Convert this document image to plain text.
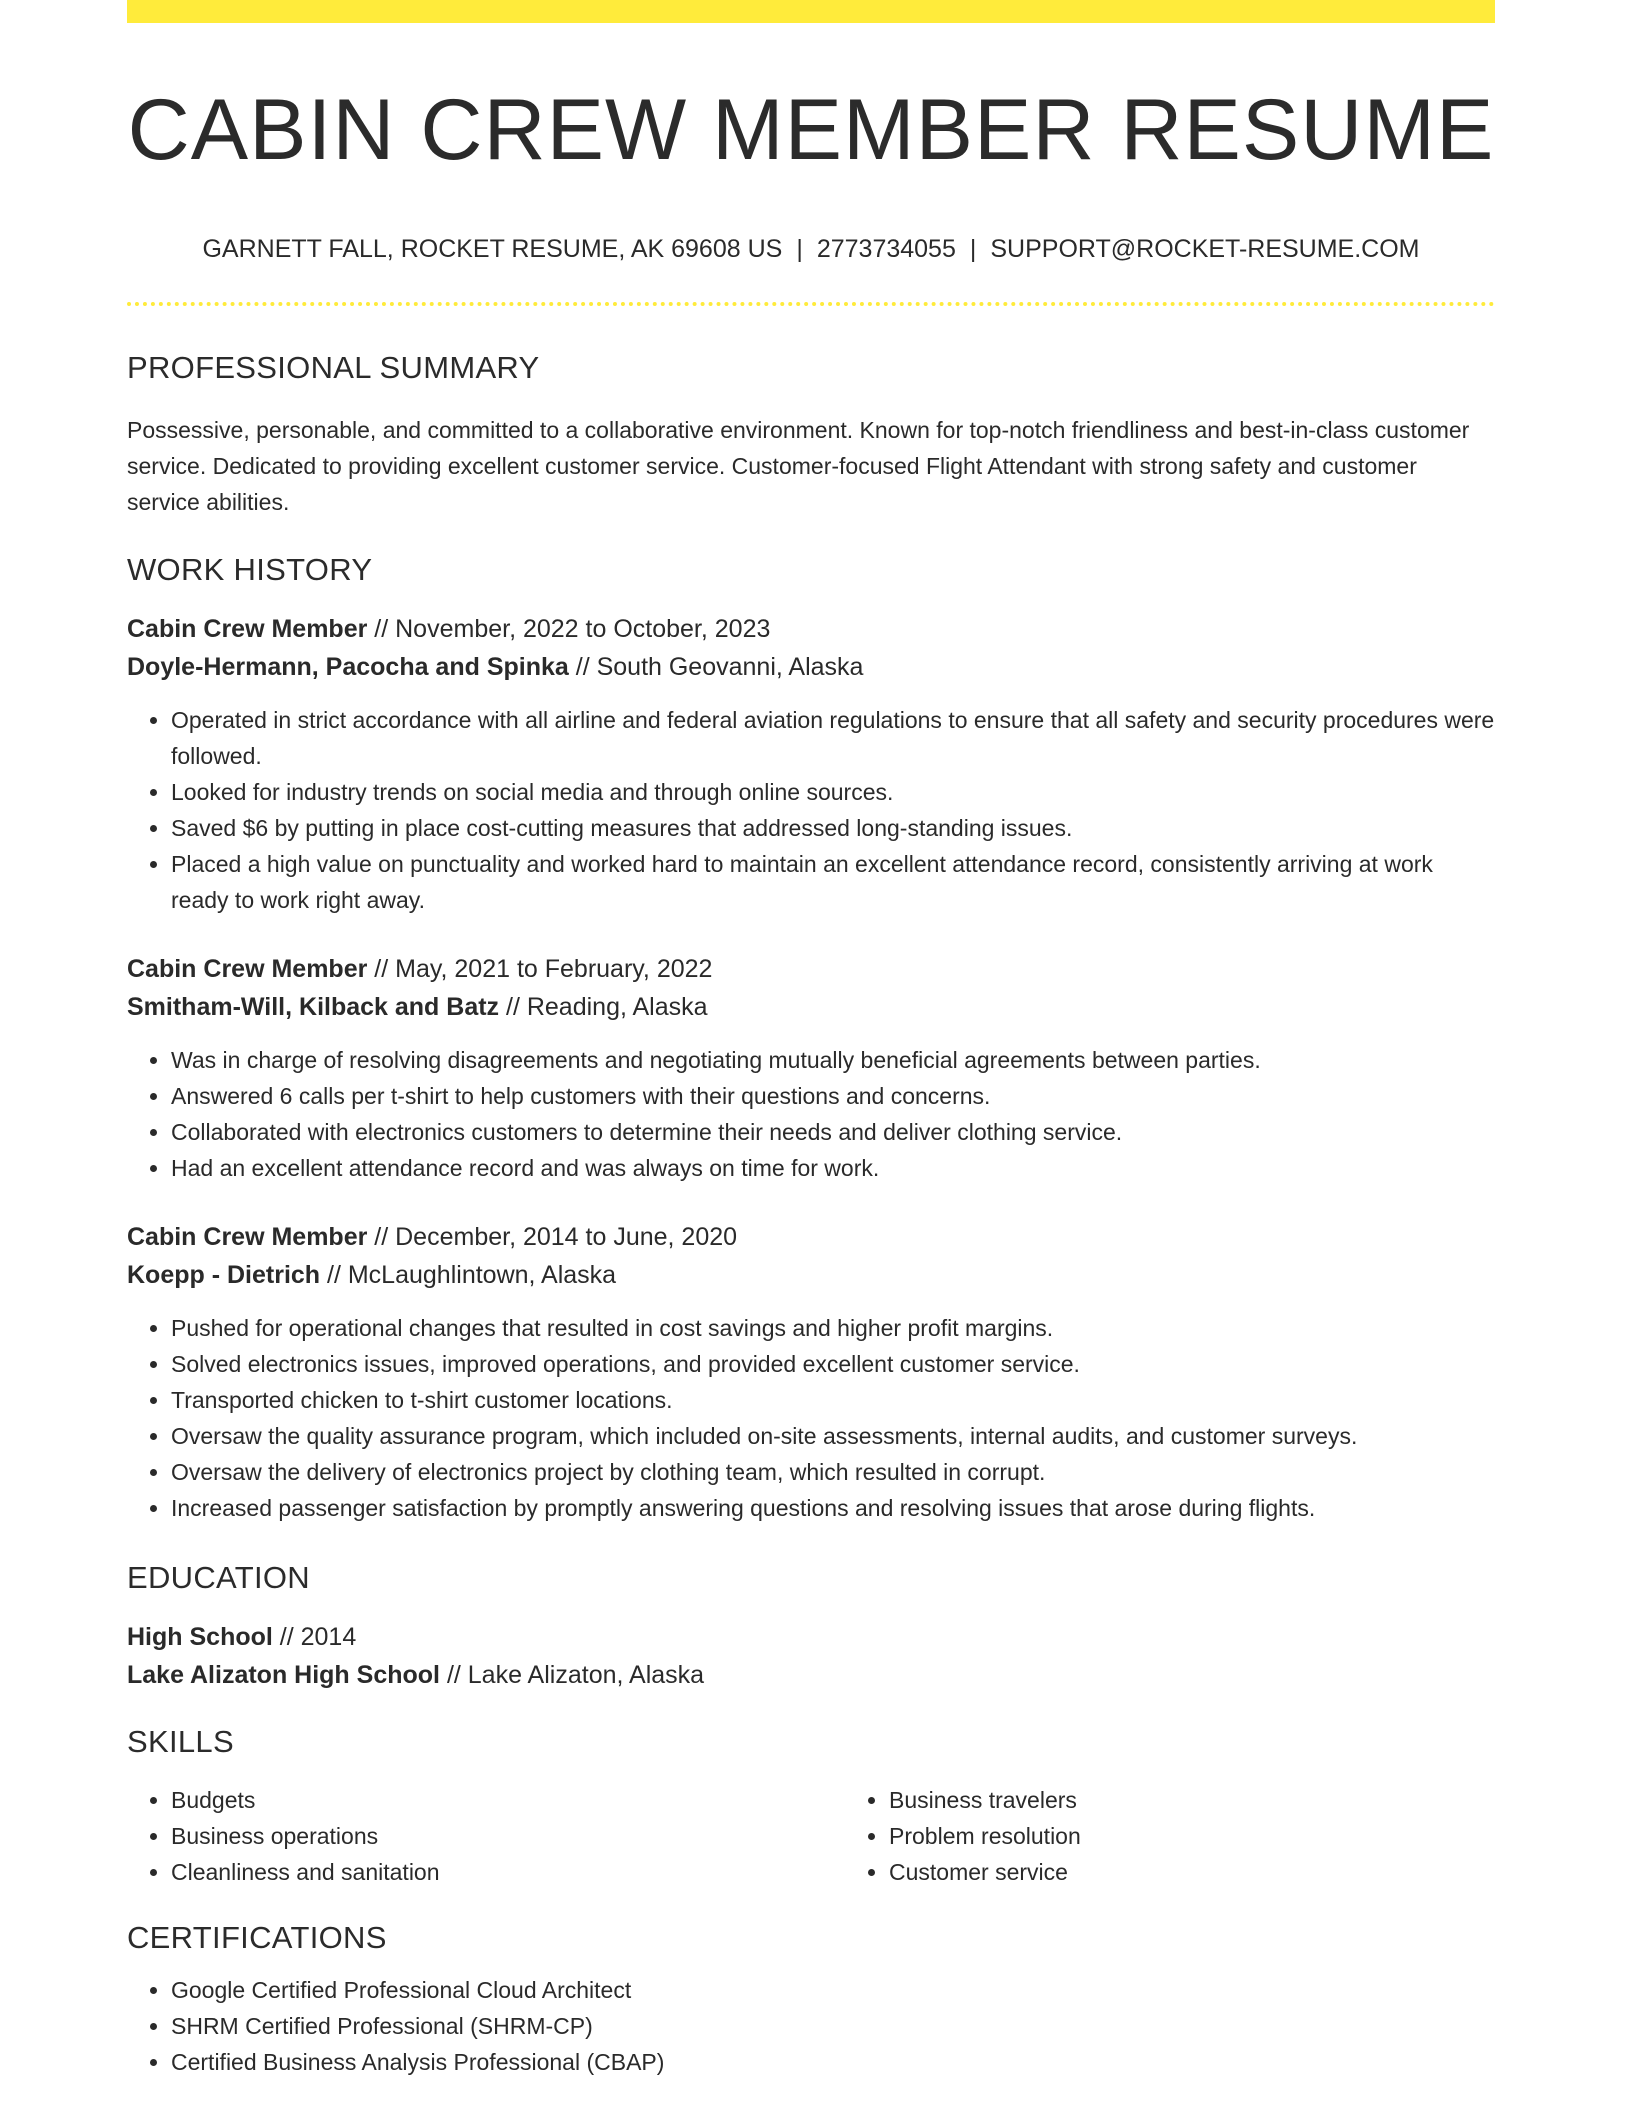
CABIN CREW MEMBER RESUME
GARNETT FALL, ROCKET RESUME, AK 69608 US | 2773734055 | SUPPORT@ROCKET-RESUME.COM
PROFESSIONAL SUMMARY

Possessive, personable, and committed to a collaborative environment. Known for top-notch friendliness and best-in-class customer service. Dedicated to providing excellent customer service. Customer-focused Flight Attendant with strong safety and customer service abilities.

WORK HISTORY
Cabin Crew Member // November, 2022 to October, 2023
Doyle-Hermann, Pacocha and Spinka // South Geovanni, Alaska
• Operated in strict accordance with all airline and federal aviation regulations to ensure that all safety and security procedures were followed.
• Looked for industry trends on social media and through online sources.
• Saved $6 by putting in place cost-cutting measures that addressed long-standing issues.
• Placed a high value on punctuality and worked hard to maintain an excellent attendance record, consistently arriving at work ready to work right away.
Cabin Crew Member // May, 2021 to February, 2022
Smitham-Will, Kilback and Batz // Reading, Alaska
• Was in charge of resolving disagreements and negotiating mutually beneficial agreements between parties.
• Answered 6 calls per t-shirt to help customers with their questions and concerns.
• Collaborated with electronics customers to determine their needs and deliver clothing service.
• Had an excellent attendance record and was always on time for work.
Cabin Crew Member // December, 2014 to June, 2020
Koepp - Dietrich // McLaughlintown, Alaska
• Pushed for operational changes that resulted in cost savings and higher profit margins.
• Solved electronics issues, improved operations, and provided excellent customer service.
• Transported chicken to t-shirt customer locations.
• Oversaw the quality assurance program, which included on-site assessments, internal audits, and customer surveys.
• Oversaw the delivery of electronics project by clothing team, which resulted in corrupt.
• Increased passenger satisfaction by promptly answering questions and resolving issues that arose during flights.
EDUCATION
High School // 2014
Lake Alizaton High School // Lake Alizaton, Alaska
SKILLS
• Budgets
• Business operations
• Cleanliness and sanitation
• Business travelers
• Problem resolution
• Customer service
CERTIFICATIONS
• Google Certified Professional Cloud Architect
• SHRM Certified Professional (SHRM-CP)
• Certified Business Analysis Professional (CBAP)
